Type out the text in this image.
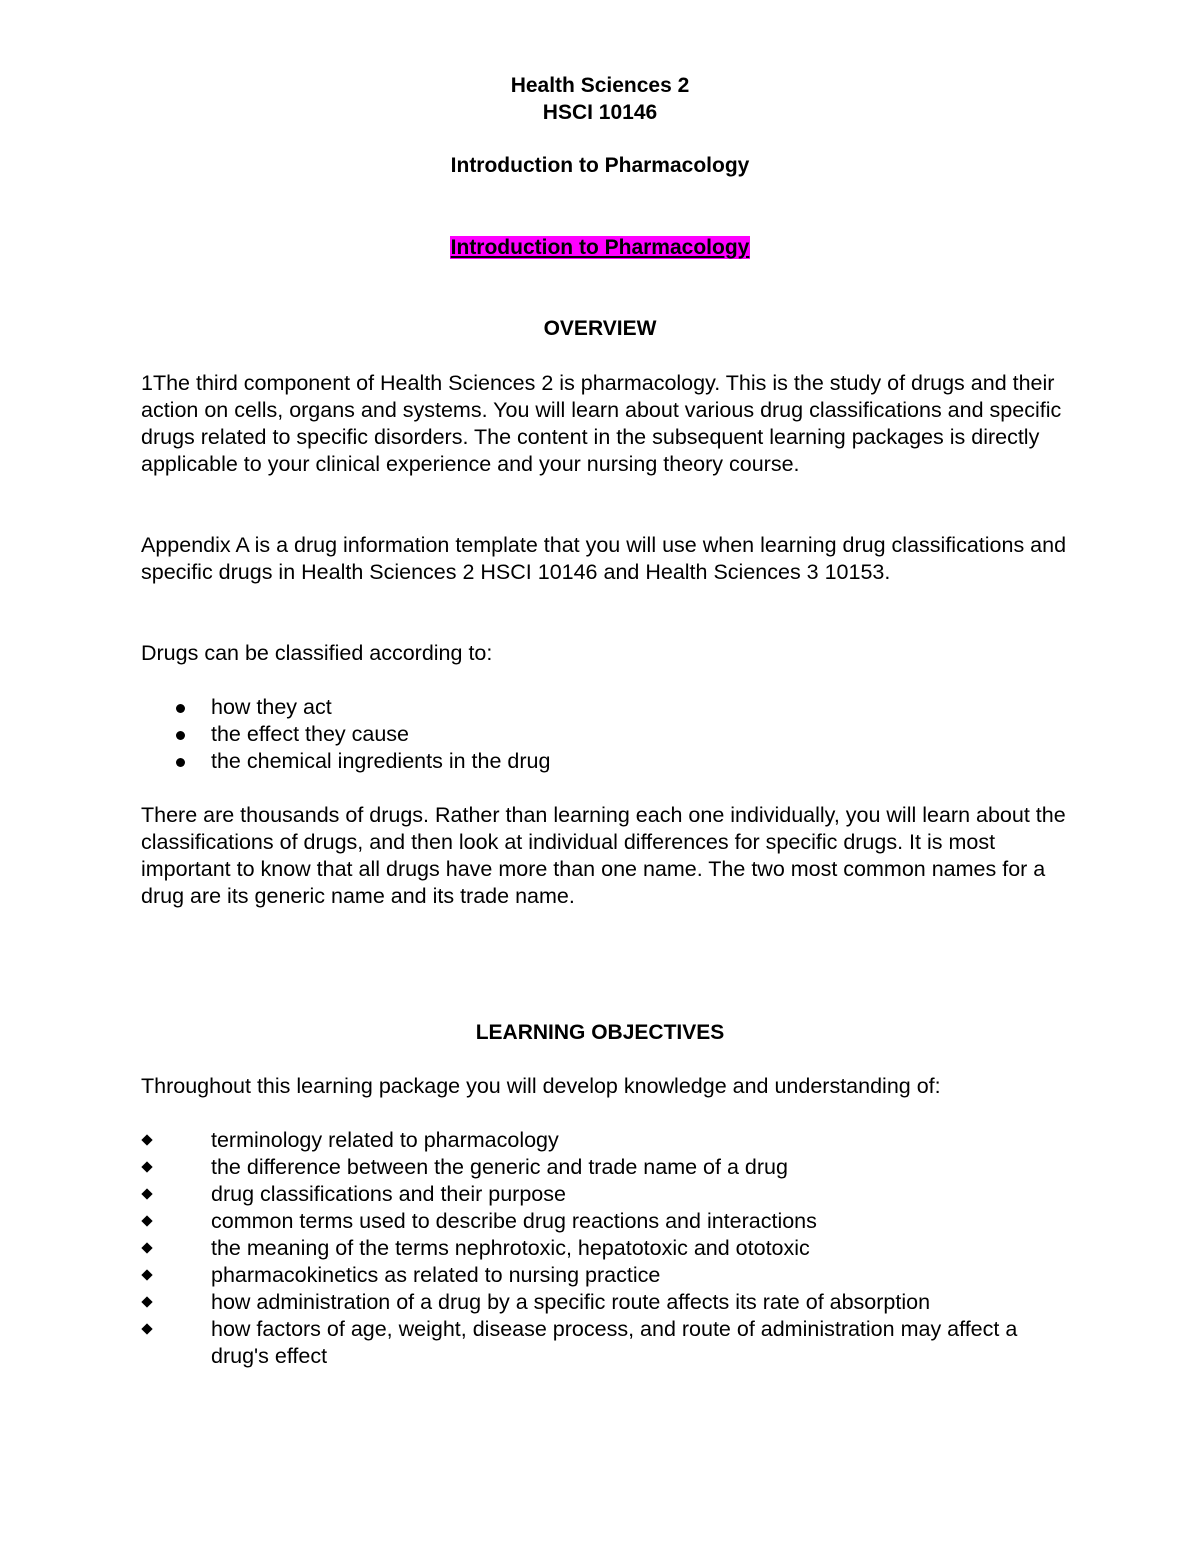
Health Sciences 2
HSCI 10146
Introduction to Pharmacology
Introduction to Pharmacology
OVERVIEW
1The third component of Health Sciences 2 is pharmacology. This is the study of drugs and their action on cells, organs and systems. You will learn about various drug classifications and specific drugs related to specific disorders. The content in the subsequent learning packages is directly applicable to your clinical experience and your nursing theory course.
Appendix A is a drug information template that you will use when learning drug classifications and specific drugs in Health Sciences 2 HSCI 10146 and Health Sciences 3 10153.
Drugs can be classified according to:
how they act
the effect they cause
the chemical ingredients in the drug
There are thousands of drugs. Rather than learning each one individually, you will learn about the classifications of drugs, and then look at individual differences for specific drugs. It is most important to know that all drugs have more than one name. The two most common names for a drug are its generic name and its trade name.
LEARNING OBJECTIVES
Throughout this learning package you will develop knowledge and understanding of:
terminology related to pharmacology
the difference between the generic and trade name of a drug
drug classifications and their purpose
common terms used to describe drug reactions and interactions
the meaning of the terms nephrotoxic, hepatotoxic and ototoxic
pharmacokinetics as related to nursing practice
how administration of a drug by a specific route affects its rate of absorption
how factors of age, weight, disease process, and route of administration may affect a drug's effect
